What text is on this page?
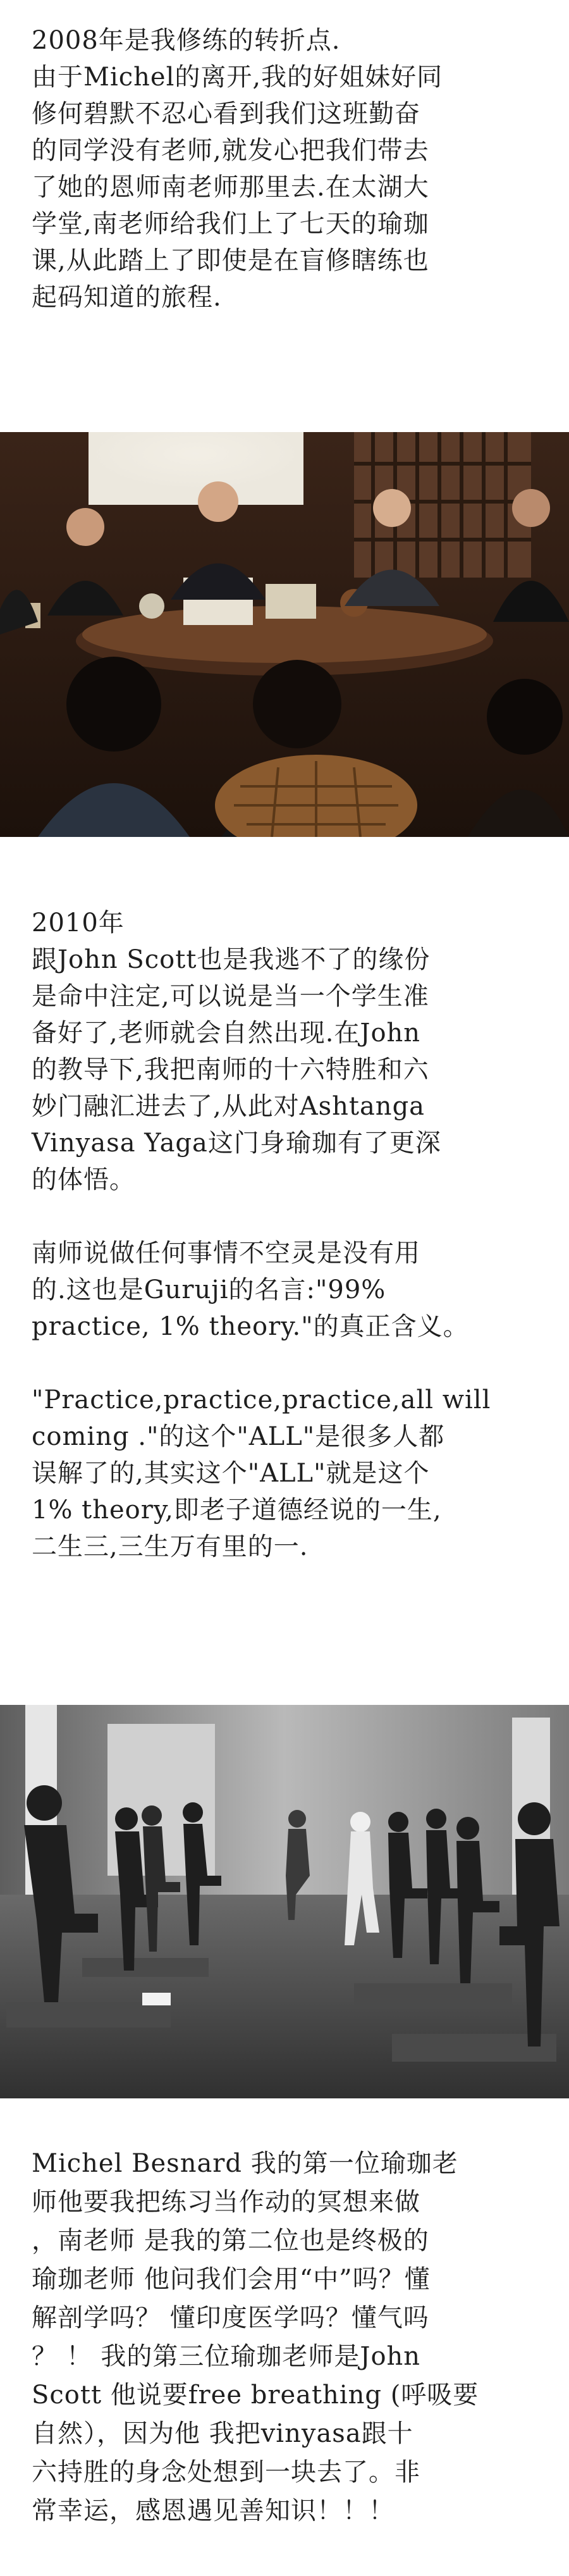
2008年是我修练的转折点.

由于Michel的离开,我的好姐妹好同

修何碧默不忍心看到我们这班勤奋

的同学没有老师,就发心把我们带去

了她的恩师南老师那里去.在太湖大

学堂,南老师给我们上了七天的瑜珈

课,从此踏上了即使是在盲修瞎练也

起码知道的旅程.

2010年

跟John Scott也是我逃不了的缘份

是命中注定,可以说是当一个学生准

备好了,老师就会自然出现.在John

的教导下,我把南师的十六特胜和六

妙门融汇进去了,从此对Ashtanga

Vinyasa Yaga这门身瑜珈有了更深

的体悟。

南师说做任何事情不空灵是没有用

的.这也是Guruji的名言:"99%

practice, 1% theory."的真正含义。

"Practice,practice,practice,all will

coming ."的这个"ALL"是很多人都

误解了的,其实这个"ALL"就是这个

1% theory,即老子道德经说的一生,

二生三,三生万有里的一.

Michel Besnard 我的第一位瑜珈老

师他要我把练习当作动的冥想来做

，南老师 是我的第二位也是终极的

瑜珈老师 他问我们会用“中”吗？懂

解剖学吗？ 懂印度医学吗？懂气吗

？ ！ 我的第三位瑜珈老师是John

Scott 他说要free breathing (呼吸要

自然），因为他 我把vinyasa跟十

六持胜的身念处想到一块去了。非

常幸运，感恩遇见善知识！！！
